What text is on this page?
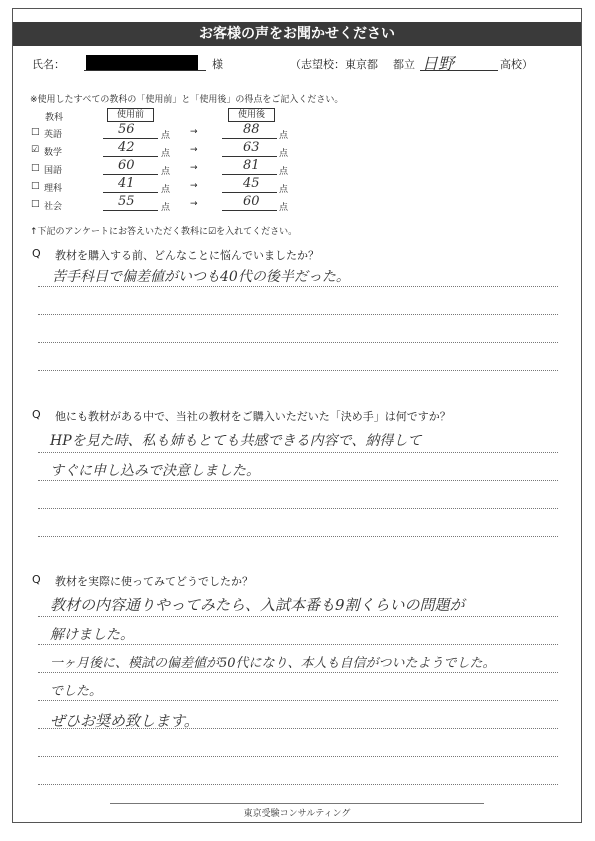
お客様の声をお聞かせください
氏名：	様	（志望校：東京都 都立 日野	高校）
※使用したすべての教科の「使用前」と「使用後」の得点をご記入ください。
教科	使用前	使用後
□ 英語	56	点 →	88 点
☑ 数学	42	点 →	63 点
□ 国語	60	点 →	81 点
□ 理科	41	点 →	45 点
□ 社会	55	点 →	60 点
↑下記のアンケートにお答えいただく教科に☑を入れてください。
Q 教材を購入する前、どんなことに悩んでいましたか？
Q 他にも教材がある中で、当社の教材をご購入いただいた「決め手」は何ですか？
Q 教材を実際に使ってみてどうでしたか？
苦手科目で偏差値がいつも40代の後半だった。
HPを見た時、私も姉もとても共感できる内容で、納得して
すぐに申し込みで決意しました。
教材の内容通りやってみたら、入試本番も9割くらいの問題が
解けました。
一ヶ月後に、模試の偏差値が50代になり、本人も自信がついたようでした。
でした。
ぜひお奨め致します。
東京受験コンサルティング
